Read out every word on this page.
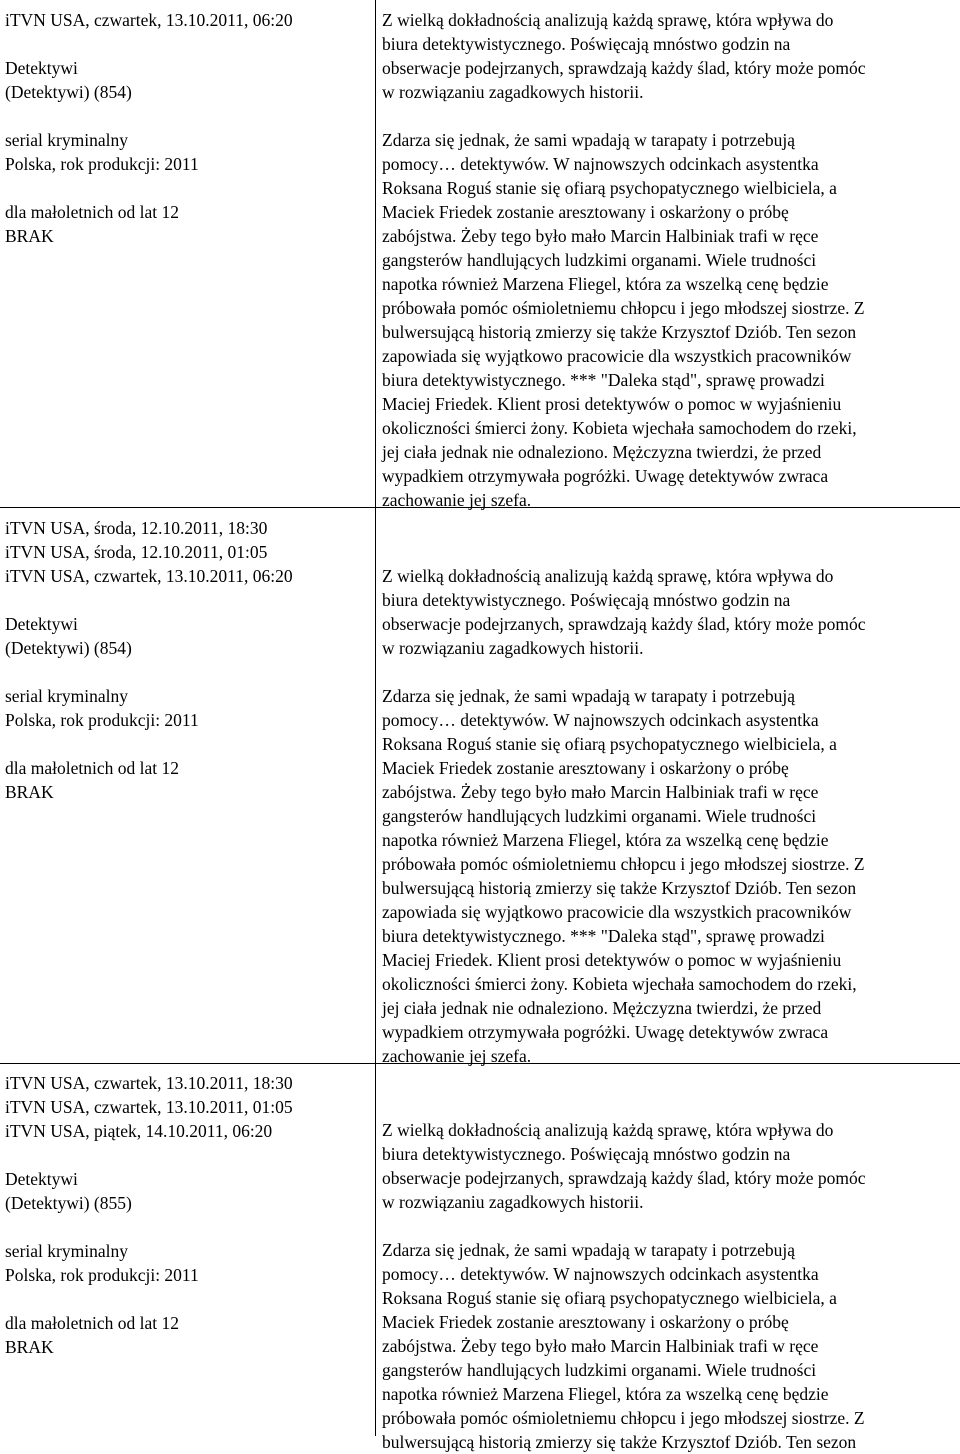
iTVN USA, czwartek, 13.10.2011, 06:20

Detektywi

(Detektywi) (854)

serial kryminalny

Polska, rok produkcji: 2011

dla małoletnich od lat 12

BRAK

Z wielką dokładnością analizują każdą sprawę, która wpływa do

biura detektywistycznego. Poświęcają mnóstwo godzin na

obserwacje podejrzanych, sprawdzają każdy ślad, który może pomóc

w rozwiązaniu zagadkowych historii.

Zdarza się jednak, że sami wpadają w tarapaty i potrzebują

pomocy… detektywów. W najnowszych odcinkach asystentka

Roksana Roguś stanie się ofiarą psychopatycznego wielbiciela, a

Maciek Friedek zostanie aresztowany i oskarżony o próbę

zabójstwa. Żeby tego było mało Marcin Halbiniak trafi w ręce

gangsterów handlujących ludzkimi organami. Wiele trudności

napotka również Marzena Fliegel, która za wszelką cenę będzie

próbowała pomóc ośmioletniemu chłopcu i jego młodszej siostrze. Z

bulwersującą historią zmierzy się także Krzysztof Dziób. Ten sezon

zapowiada się wyjątkowo pracowicie dla wszystkich pracowników

biura detektywistycznego. *** "Daleka stąd", sprawę prowadzi

Maciej Friedek. Klient prosi detektywów o pomoc w wyjaśnieniu

okoliczności śmierci żony. Kobieta wjechała samochodem do rzeki,

jej ciała jednak nie odnaleziono. Mężczyzna twierdzi, że przed

wypadkiem otrzymywała pogróżki. Uwagę detektywów zwraca

zachowanie jej szefa.

iTVN USA, środa, 12.10.2011, 18:30

iTVN USA, środa, 12.10.2011, 01:05

iTVN USA, czwartek, 13.10.2011, 06:20

Detektywi

(Detektywi) (854)

serial kryminalny

Polska, rok produkcji: 2011

dla małoletnich od lat 12

BRAK

Z wielką dokładnością analizują każdą sprawę, która wpływa do

biura detektywistycznego. Poświęcają mnóstwo godzin na

obserwacje podejrzanych, sprawdzają każdy ślad, który może pomóc

w rozwiązaniu zagadkowych historii.

Zdarza się jednak, że sami wpadają w tarapaty i potrzebują

pomocy… detektywów. W najnowszych odcinkach asystentka

Roksana Roguś stanie się ofiarą psychopatycznego wielbiciela, a

Maciek Friedek zostanie aresztowany i oskarżony o próbę

zabójstwa. Żeby tego było mało Marcin Halbiniak trafi w ręce

gangsterów handlujących ludzkimi organami. Wiele trudności

napotka również Marzena Fliegel, która za wszelką cenę będzie

próbowała pomóc ośmioletniemu chłopcu i jego młodszej siostrze. Z

bulwersującą historią zmierzy się także Krzysztof Dziób. Ten sezon

zapowiada się wyjątkowo pracowicie dla wszystkich pracowników

biura detektywistycznego. *** "Daleka stąd", sprawę prowadzi

Maciej Friedek. Klient prosi detektywów o pomoc w wyjaśnieniu

okoliczności śmierci żony. Kobieta wjechała samochodem do rzeki,

jej ciała jednak nie odnaleziono. Mężczyzna twierdzi, że przed

wypadkiem otrzymywała pogróżki. Uwagę detektywów zwraca

zachowanie jej szefa.

iTVN USA, czwartek, 13.10.2011, 18:30

iTVN USA, czwartek, 13.10.2011, 01:05

iTVN USA, piątek, 14.10.2011, 06:20

Detektywi

(Detektywi) (855)

serial kryminalny

Polska, rok produkcji: 2011

dla małoletnich od lat 12

BRAK

Z wielką dokładnością analizują każdą sprawę, która wpływa do

biura detektywistycznego. Poświęcają mnóstwo godzin na

obserwacje podejrzanych, sprawdzają każdy ślad, który może pomóc

w rozwiązaniu zagadkowych historii.

Zdarza się jednak, że sami wpadają w tarapaty i potrzebują

pomocy… detektywów. W najnowszych odcinkach asystentka

Roksana Roguś stanie się ofiarą psychopatycznego wielbiciela, a

Maciek Friedek zostanie aresztowany i oskarżony o próbę

zabójstwa. Żeby tego było mało Marcin Halbiniak trafi w ręce

gangsterów handlujących ludzkimi organami. Wiele trudności

napotka również Marzena Fliegel, która za wszelką cenę będzie

próbowała pomóc ośmioletniemu chłopcu i jego młodszej siostrze. Z

bulwersującą historią zmierzy się także Krzysztof Dziób. Ten sezon
